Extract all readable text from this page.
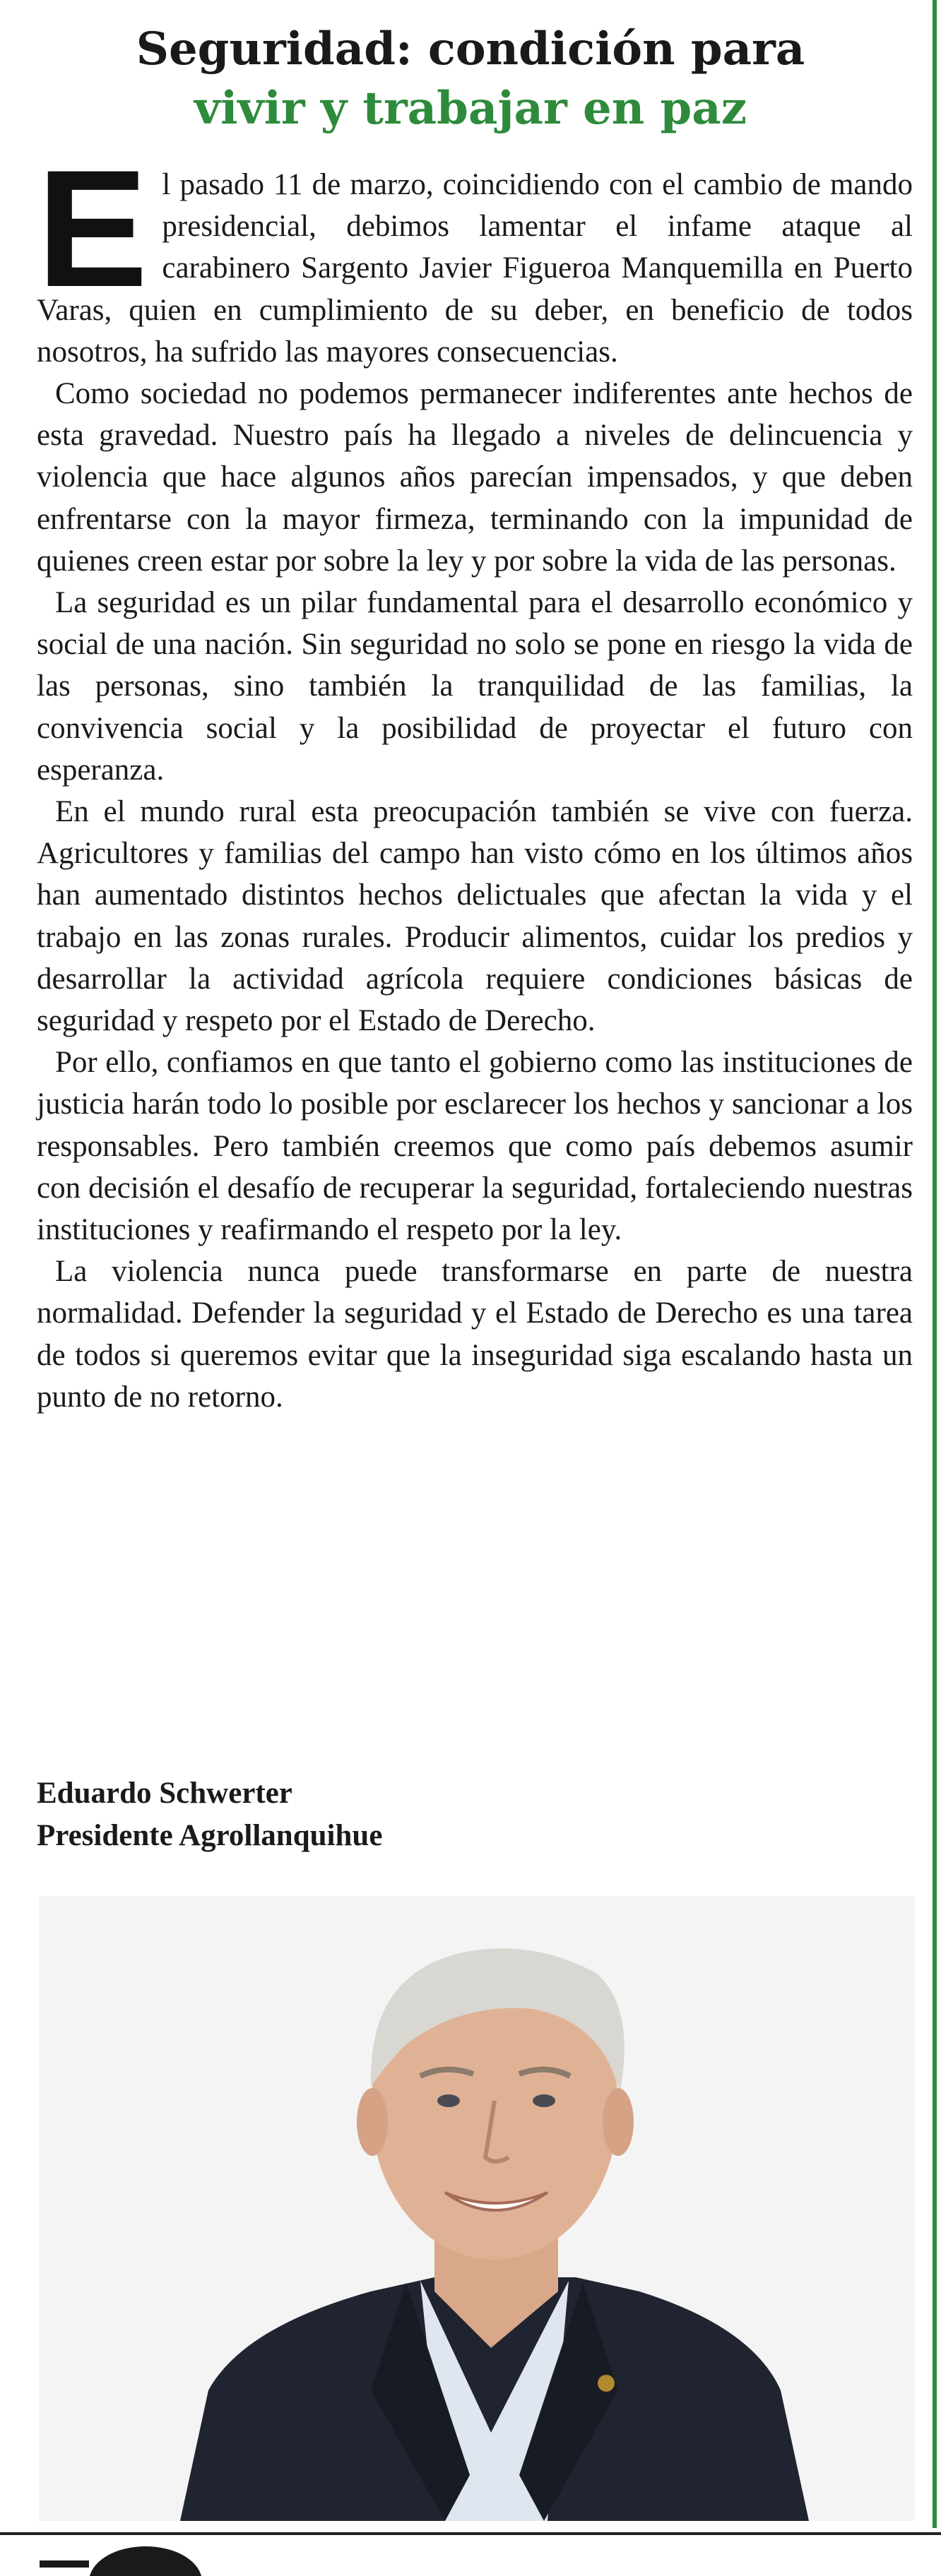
Seguridad: condición para
vivir y trabajar en paz

El pasado 11 de marzo, coincidiendo con el cambio de mando presidencial, debimos lamentar el infame ataque al carabinero Sargento Javier Figueroa Manquemilla en Puerto Varas, quien en cumplimiento de su deber, en beneficio de todos nosotros, ha sufrido las mayores consecuencias.

Como sociedad no podemos permanecer indiferentes ante hechos de esta gravedad. Nuestro país ha llegado a niveles de delincuencia y violencia que hace algunos años parecían impensados, y que deben enfrentarse con la mayor firmeza, terminando con la impunidad de quienes creen estar por sobre la ley y por sobre la vida de las personas.

La seguridad es un pilar fundamental para el desarrollo económico y social de una nación. Sin seguridad no solo se pone en riesgo la vida de las personas, sino también la tranquilidad de las familias, la convivencia social y la posibilidad de proyectar el futuro con esperanza.

En el mundo rural esta preocupación también se vive con fuerza. Agricultores y familias del campo han visto cómo en los últimos años han aumentado distintos hechos delictuales que afectan la vida y el trabajo en las zonas rurales. Producir alimentos, cuidar los predios y desarrollar la actividad agrícola requiere condiciones básicas de seguridad y respeto por el Estado de Derecho.

Por ello, confiamos en que tanto el gobierno como las instituciones de justicia harán todo lo posible por esclarecer los hechos y sancionar a los responsables. Pero también creemos que como país debemos asumir con decisión el desafío de recuperar la seguridad, fortaleciendo nuestras instituciones y reafirmando el respeto por la ley.

La violencia nunca puede transformarse en parte de nuestra normalidad. Defender la seguridad y el Estado de Derecho es una tarea de todos si queremos evitar que la inseguridad siga escalando hasta un punto de no retorno.

Eduardo Schwerter
Presidente Agrollanquihue
